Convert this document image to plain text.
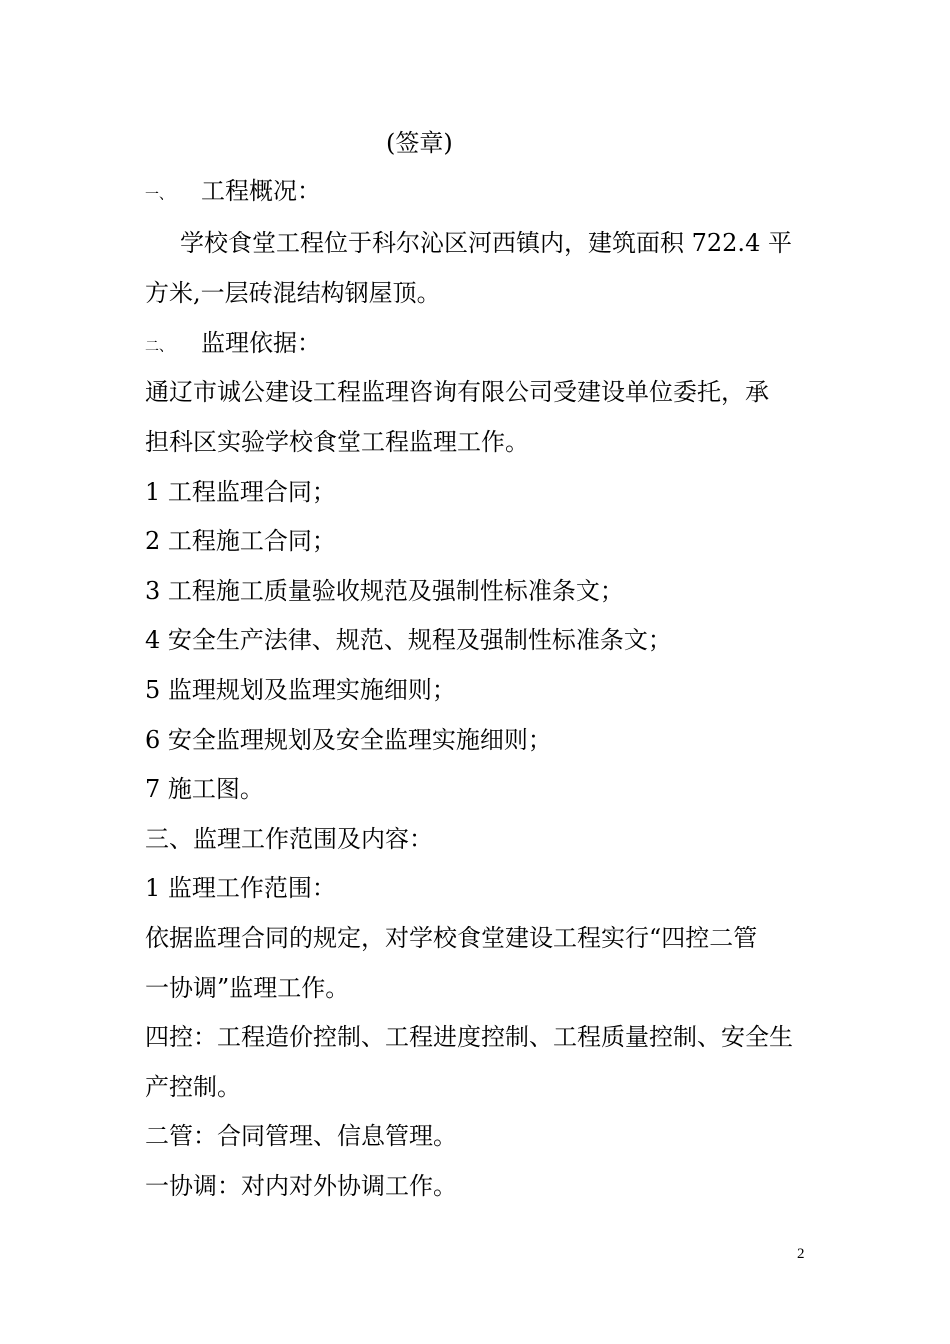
(签章)
一、 工程概况：
学校食堂工程位于科尔沁区河西镇内，建筑面积 722.4 平
方米,一层砖混结构钢屋顶。
二、 监理依据：
通辽市诚公建设工程监理咨询有限公司受建设单位委托，承
担科区实验学校食堂工程监理工作。
1 工程监理合同；
2 工程施工合同；
3 工程施工质量验收规范及强制性标准条文；
4 安全生产法律、规范、规程及强制性标准条文；
5 监理规划及监理实施细则；
6 安全监理规划及安全监理实施细则；
7 施工图。
三、监理工作范围及内容：
1 监理工作范围：
依据监理合同的规定，对学校食堂建设工程实行“四控二管
一协调”监理工作。
四控：工程造价控制、工程进度控制、工程质量控制、安全生
产控制。
二管：合同管理、信息管理。
一协调：对内对外协调工作。
2
